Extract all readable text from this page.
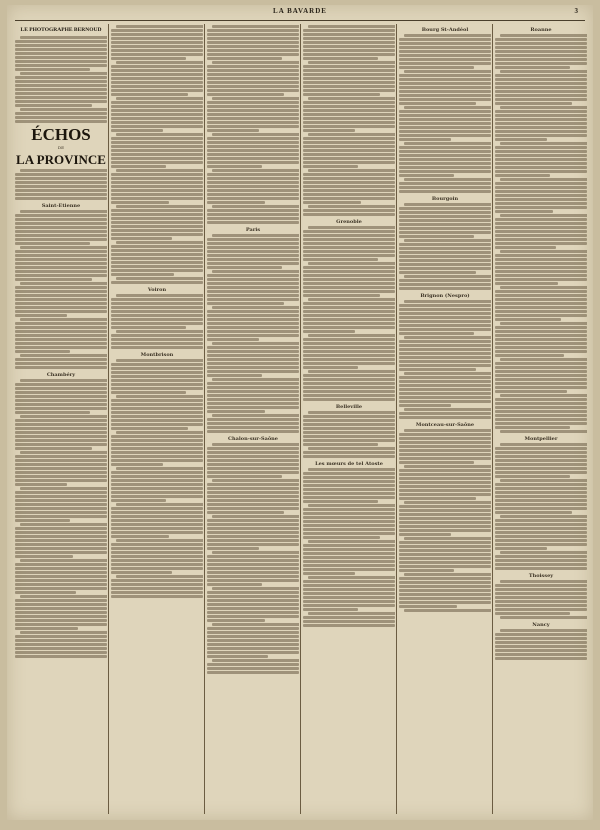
LA BAVARDE	3
LE PHOTOGRAPHE BERNOUD
ÉCHOS
DE
LA PROVINCE
Saint-Etienne
Chambéry
Voiron
Montbrison
Paris
Chalon-sur-Saône
Grenoble
Belleville
Les mœurs de tel Atoste
Bourg St-Andéol
Bourgoin
Brignon (Nespro)
Montceau-sur-Saône
Roanne
Montpellier
Thoissey
Nancy
